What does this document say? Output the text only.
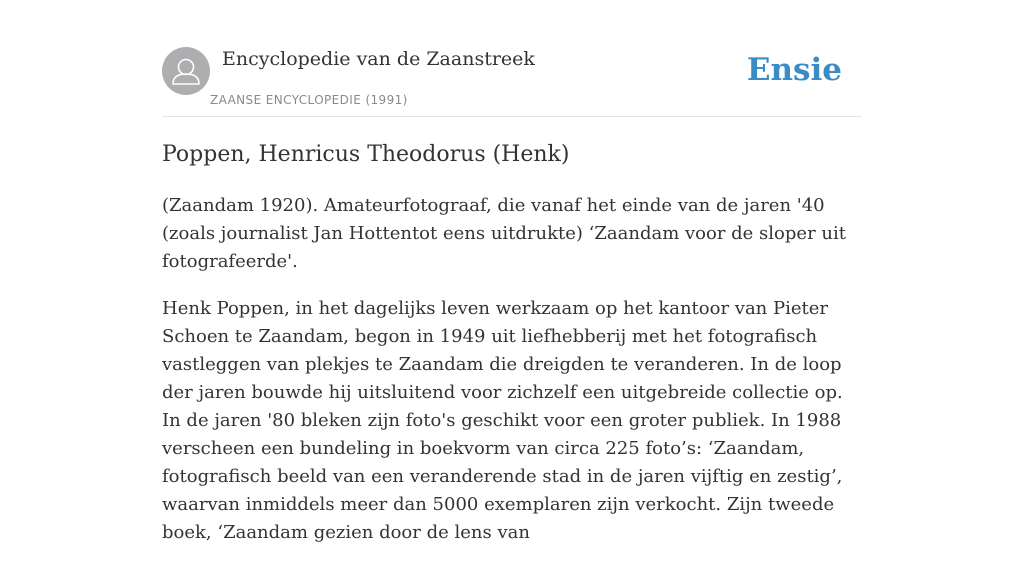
Encyclopedie van de Zaanstreek
ZAANSE ENCYCLOPEDIE (1991)
Ensie
Poppen, Henricus Theodorus (Henk)

(Zaandam 1920). Amateurfotograaf, die vanaf het einde van de jaren '40 (zoals journalist Jan Hottentot eens uitdrukte) ‘Zaandam voor de sloper uit fotografeerde'.

Henk Poppen, in het dagelijks leven werkzaam op het kantoor van Pieter Schoen te Zaandam, begon in 1949 uit liefhebberij met het fotografisch vastleggen van plekjes te Zaandam die dreigden te veranderen. In de loop der jaren bouwde hij uitsluitend voor zichzelf een uitgebreide collectie op. In de jaren '80 bleken zijn foto's geschikt voor een groter publiek. In 1988 verscheen een bundeling in boekvorm van circa 225 foto’s: ‘Zaandam, fotografisch beeld van een veranderende stad in de jaren vijftig en zestig’, waarvan inmiddels meer dan 5000 exemplaren zijn verkocht. Zijn tweede boek, ‘Zaandam gezien door de lens van
